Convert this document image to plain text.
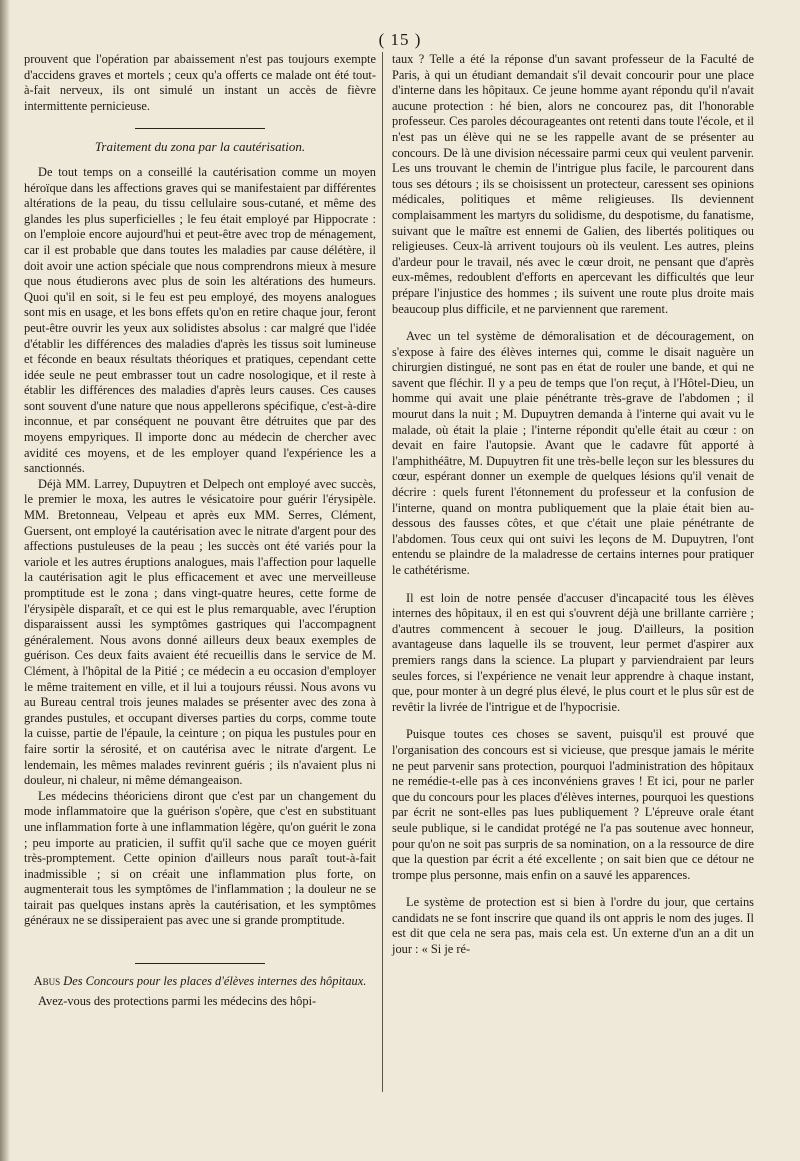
( 15 )

prouvent que l'opération par abaissement n'est pas toujours exempte d'accidens graves et mortels ; ceux qu'a offerts ce malade ont été tout-à-fait nerveux, ils ont simulé un instant un accès de fièvre intermittente pernicieuse.

Traitement du zona par la cautérisation.

De tout temps on a conseillé la cautérisation comme un moyen héroïque dans les affections graves qui se manifestaient par différentes altérations de la peau, du tissu cellulaire sous-cutané, et même des glandes les plus superficielles ; le feu était employé par Hippocrate : on l'emploie encore aujourd'hui et peut-être avec trop de ménagement, car il est probable que dans toutes les maladies par cause délétère, il doit avoir une action spéciale que nous comprendrons mieux à mesure que nous étudierons avec plus de soin les altérations des humeurs. Quoi qu'il en soit, si le feu est peu employé, des moyens analogues sont mis en usage, et les bons effets qu'on en retire chaque jour, feront peut-être ouvrir les yeux aux solidistes absolus : car malgré que l'idée d'établir les différences des maladies d'après les tissus soit lumineuse et féconde en beaux résultats théoriques et pratiques, cependant cette idée seule ne peut embrasser tout un cadre nosologique, et il reste à établir les différences des maladies d'après leurs causes. Ces causes sont souvent d'une nature que nous appellerons spécifique, c'est-à-dire inconnue, et par conséquent ne pouvant être détruites que par des moyens empyriques. Il importe donc au médecin de chercher avec avidité ces moyens, et de les employer quand l'expérience les a sanctionnés.

Déjà MM. Larrey, Dupuytren et Delpech ont employé avec succès, le premier le moxa, les autres le vésicatoire pour guérir l'érysipèle. MM. Bretonneau, Velpeau et après eux MM. Serres, Clément, Guersent, ont employé la cautérisation avec le nitrate d'argent pour des affections pustuleuses de la peau ; les succès ont été variés pour la variole et les autres éruptions analogues, mais l'affection pour laquelle la cautérisation agit le plus efficacement et avec une merveilleuse promptitude est le zona ; dans vingt-quatre heures, cette forme de l'érysipèle disparaît, et ce qui est le plus remarquable, avec l'éruption disparaissent aussi les symptômes gastriques qui l'accompagnent généralement. Nous avons donné ailleurs deux beaux exemples de guérison. Ces deux faits avaient été recueillis dans le service de M. Clément, à l'hôpital de la Pitié ; ce médecin a eu occasion d'employer le même traitement en ville, et il lui a toujours réussi. Nous avons vu au Bureau central trois jeunes malades se présenter avec des zona à grandes pustules, et occupant diverses parties du corps, comme toute la cuisse, partie de l'épaule, la ceinture ; on piqua les pustules pour en faire sortir la sérosité, et on cautérisa avec le nitrate d'argent. Le lendemain, les mêmes malades revinrent guéris ; ils n'avaient plus ni douleur, ni chaleur, ni même démangeaison.

Les médecins théoriciens diront que c'est par un changement du mode inflammatoire que la guérison s'opère, que c'est en substituant une inflammation forte à une inflammation légère, qu'on guérit le zona ; peu importe au praticien, il suffit qu'il sache que ce moyen guérit très-promptement. Cette opinion d'ailleurs nous paraît tout-à-fait inadmissible ; si on créait une inflammation plus forte, on augmenterait tous les symptômes de l'inflammation ; la douleur ne se tairait pas quelques instans après la cautérisation, et les symptômes généraux ne se dissiperaient pas avec une si grande promptitude.

Abus Des Concours pour les places d'élèves internes des hôpitaux.

Avez-vous des protections parmi les médecins des hôpi-

taux ? Telle a été la réponse d'un savant professeur de la Faculté de Paris, à qui un étudiant demandait s'il devait concourir pour une place d'interne dans les hôpitaux. Ce jeune homme ayant répondu qu'il n'avait aucune protection : hé bien, alors ne concourez pas, dit l'honorable professeur. Ces paroles décourageantes ont retenti dans toute l'école, et il n'est pas un élève qui ne se les rappelle avant de se présenter au concours. De là une division nécessaire parmi ceux qui veulent parvenir. Les uns trouvant le chemin de l'intrigue plus facile, le parcourent dans tous ses détours ; ils se choisissent un protecteur, caressent ses opinions médicales, politiques et même religieuses. Ils deviennent complaisamment les martyrs du solidisme, du despotisme, du fanatisme, suivant que le maître est ennemi de Galien, des libertés politiques ou religieuses. Ceux-là arrivent toujours où ils veulent. Les autres, pleins d'ardeur pour le travail, nés avec le cœur droit, ne pensant que d'après eux-mêmes, redoublent d'efforts en apercevant les difficultés que leur prépare l'injustice des hommes ; ils suivent une route plus droite mais beaucoup plus difficile, et ne parviennent que rarement.

Avec un tel système de démoralisation et de découragement, on s'expose à faire des élèves internes qui, comme le disait naguère un chirurgien distingué, ne sont pas en état de rouler une bande, et qui ne savent que fléchir. Il y a peu de temps que l'on reçut, à l'Hôtel-Dieu, un homme qui avait une plaie pénétrante très-grave de l'abdomen ; il mourut dans la nuit ; M. Dupuytren demanda à l'interne qui avait vu le malade, où était la plaie ; l'interne répondit qu'elle était au cœur : on devait en faire l'autopsie. Avant que le cadavre fût apporté à l'amphithéâtre, M. Dupuytren fit une très-belle leçon sur les blessures du cœur, espérant donner un exemple de quelques lésions qu'il venait de décrire : quels furent l'étonnement du professeur et la confusion de l'interne, quand on montra publiquement que la plaie était bien au-dessous des fausses côtes, et que c'était une plaie pénétrante de l'abdomen. Tous ceux qui ont suivi les leçons de M. Dupuytren, l'ont entendu se plaindre de la maladresse de certains internes pour pratiquer le cathétérisme.

Il est loin de notre pensée d'accuser d'incapacité tous les élèves internes des hôpitaux, il en est qui s'ouvrent déjà une brillante carrière ; d'autres commencent à secouer le joug. D'ailleurs, la position avantageuse dans laquelle ils se trouvent, leur permet d'aspirer aux premiers rangs dans la science. La plupart y parviendraient par leurs seules forces, si l'expérience ne venait leur apprendre à chaque instant, que, pour monter à un degré plus élevé, le plus court et le plus sûr est de revêtir la livrée de l'intrigue et de l'hypocrisie.

Puisque toutes ces choses se savent, puisqu'il est prouvé que l'organisation des concours est si vicieuse, que presque jamais le mérite ne peut parvenir sans protection, pourquoi l'administration des hôpitaux ne remédie-t-elle pas à ces inconvéniens graves ! Et ici, pour ne parler que du concours pour les places d'élèves internes, pourquoi les questions par écrit ne sont-elles pas lues publiquement ? L'épreuve orale étant seule publique, si le candidat protégé ne l'a pas soutenue avec honneur, pour qu'on ne soit pas surpris de sa nomination, on a la ressource de dire que la question par écrit a été excellente ; on sait bien que ce détour ne trompe plus personne, mais enfin on a sauvé les apparences.

Le système de protection est si bien à l'ordre du jour, que certains candidats ne se font inscrire que quand ils ont appris le nom des juges. Il est dit que cela ne sera pas, mais cela est. Un externe d'un an a dit un jour : « Si je ré-
